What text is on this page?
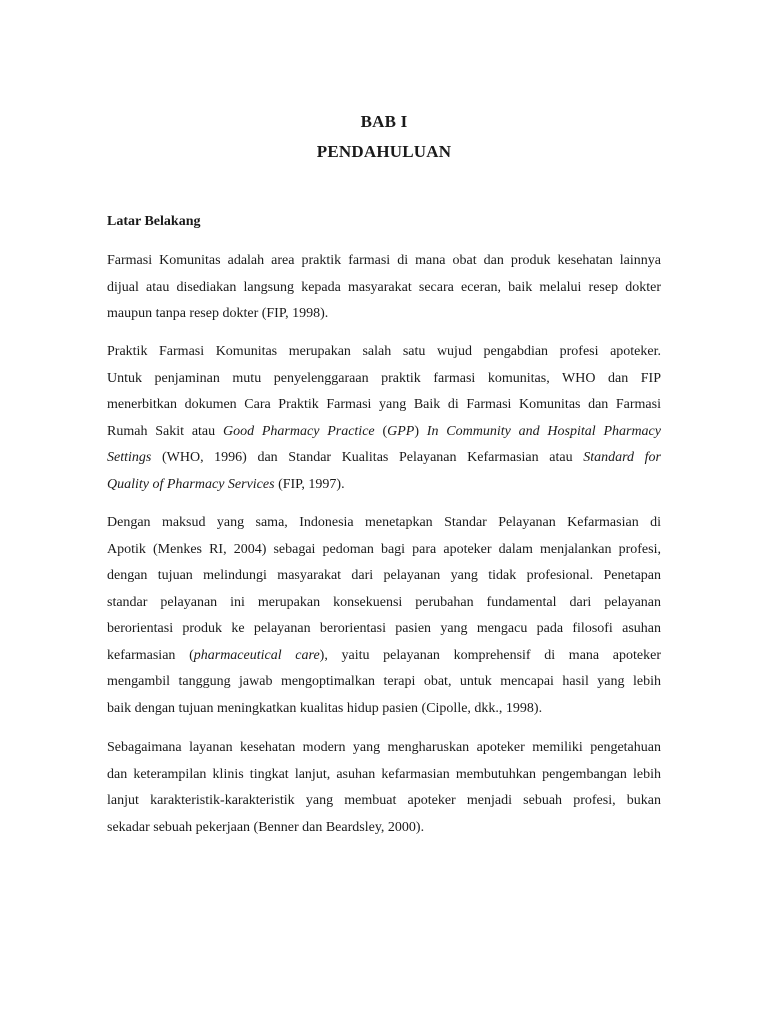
BAB I
PENDAHULUAN
Latar Belakang
Farmasi Komunitas adalah area praktik farmasi di mana obat dan produk kesehatan lainnya
dijual atau disediakan langsung kepada masyarakat secara eceran, baik melalui resep dokter
maupun tanpa resep dokter (FIP, 1998).
Praktik Farmasi Komunitas merupakan salah satu wujud pengabdian profesi apoteker.
Untuk penjaminan mutu penyelenggaraan praktik farmasi komunitas, WHO dan FIP
menerbitkan dokumen Cara Praktik Farmasi yang Baik di Farmasi Komunitas dan Farmasi
Rumah Sakit atau Good Pharmacy Practice (GPP) In Community and Hospital Pharmacy
Settings (WHO, 1996) dan Standar Kualitas Pelayanan Kefarmasian atau Standard for
Quality of Pharmacy Services (FIP, 1997).
Dengan maksud yang sama, Indonesia menetapkan Standar Pelayanan Kefarmasian di
Apotik (Menkes RI, 2004) sebagai pedoman bagi para apoteker dalam menjalankan profesi,
dengan tujuan melindungi masyarakat dari pelayanan yang tidak profesional. Penetapan
standar pelayanan ini merupakan konsekuensi perubahan fundamental dari pelayanan
berorientasi produk ke pelayanan berorientasi pasien yang mengacu pada filosofi asuhan
kefarmasian (pharmaceutical care), yaitu pelayanan komprehensif di mana apoteker
mengambil tanggung jawab mengoptimalkan terapi obat, untuk mencapai hasil yang lebih
baik dengan tujuan meningkatkan kualitas hidup pasien (Cipolle, dkk., 1998).
Sebagaimana layanan kesehatan modern yang mengharuskan apoteker memiliki pengetahuan
dan keterampilan klinis tingkat lanjut, asuhan kefarmasian membutuhkan pengembangan lebih
lanjut karakteristik-karakteristik yang membuat apoteker menjadi sebuah profesi, bukan
sekadar sebuah pekerjaan (Benner dan Beardsley, 2000).
